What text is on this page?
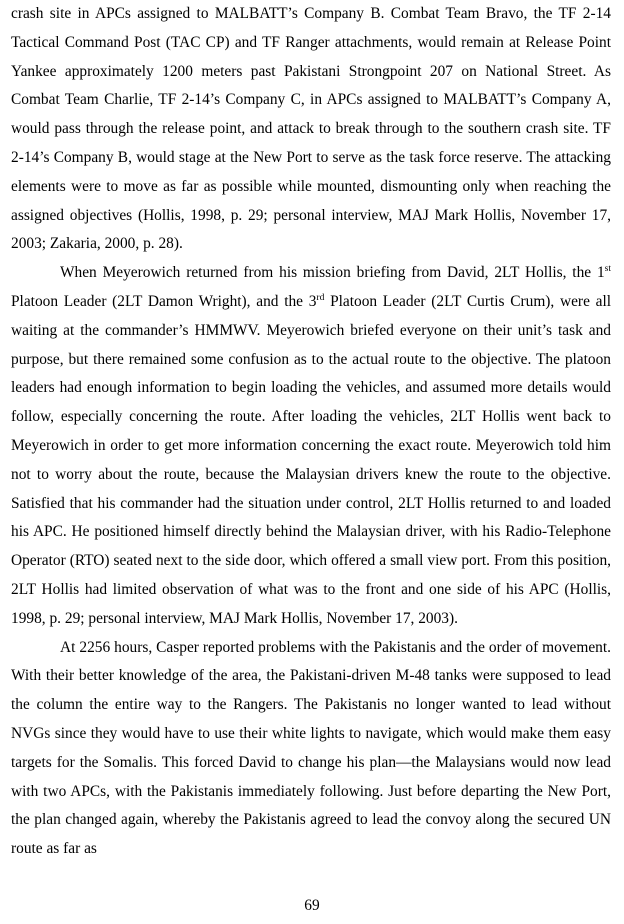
crash site in APCs assigned to MALBATT’s Company B. Combat Team Bravo, the TF 2-14 Tactical Command Post (TAC CP) and TF Ranger attachments, would remain at Release Point Yankee approximately 1200 meters past Pakistani Strongpoint 207 on National Street. As Combat Team Charlie, TF 2-14’s Company C, in APCs assigned to MALBATT’s Company A, would pass through the release point, and attack to break through to the southern crash site. TF 2-14’s Company B, would stage at the New Port to serve as the task force reserve. The attacking elements were to move as far as possible while mounted, dismounting only when reaching the assigned objectives (Hollis, 1998, p. 29; personal interview, MAJ Mark Hollis, November 17, 2003; Zakaria, 2000, p. 28).

When Meyerowich returned from his mission briefing from David, 2LT Hollis, the 1st Platoon Leader (2LT Damon Wright), and the 3rd Platoon Leader (2LT Curtis Crum), were all waiting at the commander’s HMMWV. Meyerowich briefed everyone on their unit’s task and purpose, but there remained some confusion as to the actual route to the objective. The platoon leaders had enough information to begin loading the vehicles, and assumed more details would follow, especially concerning the route. After loading the vehicles, 2LT Hollis went back to Meyerowich in order to get more information concerning the exact route. Meyerowich told him not to worry about the route, because the Malaysian drivers knew the route to the objective. Satisfied that his commander had the situation under control, 2LT Hollis returned to and loaded his APC. He positioned himself directly behind the Malaysian driver, with his Radio-Telephone Operator (RTO) seated next to the side door, which offered a small view port. From this position, 2LT Hollis had limited observation of what was to the front and one side of his APC (Hollis, 1998, p. 29; personal interview, MAJ Mark Hollis, November 17, 2003).

At 2256 hours, Casper reported problems with the Pakistanis and the order of movement. With their better knowledge of the area, the Pakistani-driven M-48 tanks were supposed to lead the column the entire way to the Rangers. The Pakistanis no longer wanted to lead without NVGs since they would have to use their white lights to navigate, which would make them easy targets for the Somalis. This forced David to change his plan—the Malaysians would now lead with two APCs, with the Pakistanis immediately following. Just before departing the New Port, the plan changed again, whereby the Pakistanis agreed to lead the convoy along the secured UN route as far as

69
